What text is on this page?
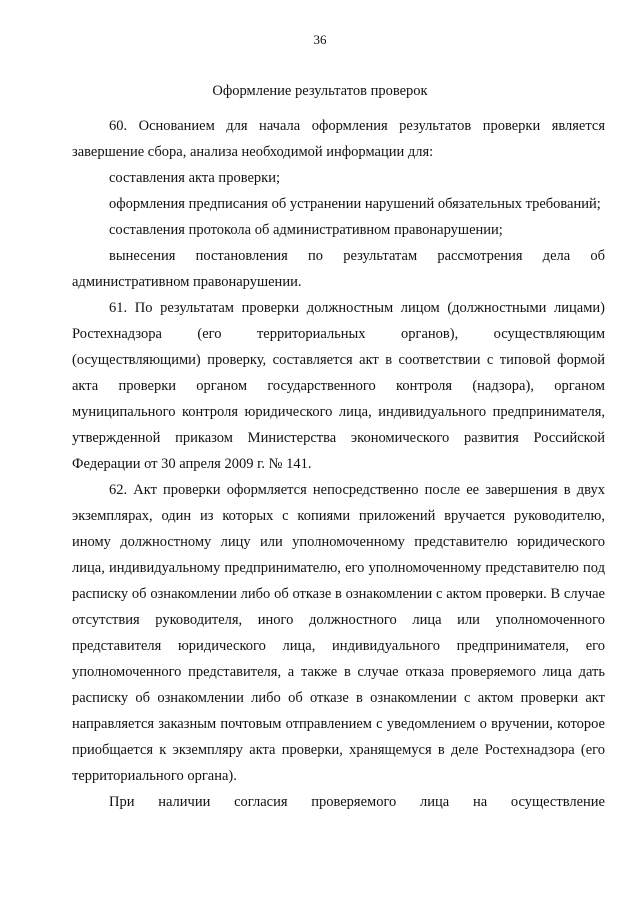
36
Оформление результатов проверок

60. Основанием для начала оформления результатов проверки является завершение сбора, анализа необходимой информации для:

составления акта проверки;

оформления предписания об устранении нарушений обязательных требований;

составления протокола об административном правонарушении;

вынесения постановления по результатам рассмотрения дела об административном правонарушении.

61. По результатам проверки должностным лицом (должностными лицами) Ростехнадзора (его территориальных органов), осуществляющим (осуществляющими) проверку, составляется акт в соответствии с типовой формой акта проверки органом государственного контроля (надзора), органом муниципального контроля юридического лица, индивидуального предпринимателя, утвержденной приказом Министерства экономического развития Российской Федерации от 30 апреля 2009 г. № 141.

62. Акт проверки оформляется непосредственно после ее завершения в двух экземплярах, один из которых с копиями приложений вручается руководителю, иному должностному лицу или уполномоченному представителю юридического лица, индивидуальному предпринимателю, его уполномоченному представителю под расписку об ознакомлении либо об отказе в ознакомлении с актом проверки. В случае отсутствия руководителя, иного должностного лица или уполномоченного представителя юридического лица, индивидуального предпринимателя, его уполномоченного представителя, а также в случае отказа проверяемого лица дать расписку об ознакомлении либо об отказе в ознакомлении с актом проверки акт направляется заказным почтовым отправлением с уведомлением о вручении, которое приобщается к экземпляру акта проверки, хранящемуся в деле Ростехнадзора (его территориального органа).

При наличии согласия проверяемого лица на осуществление
